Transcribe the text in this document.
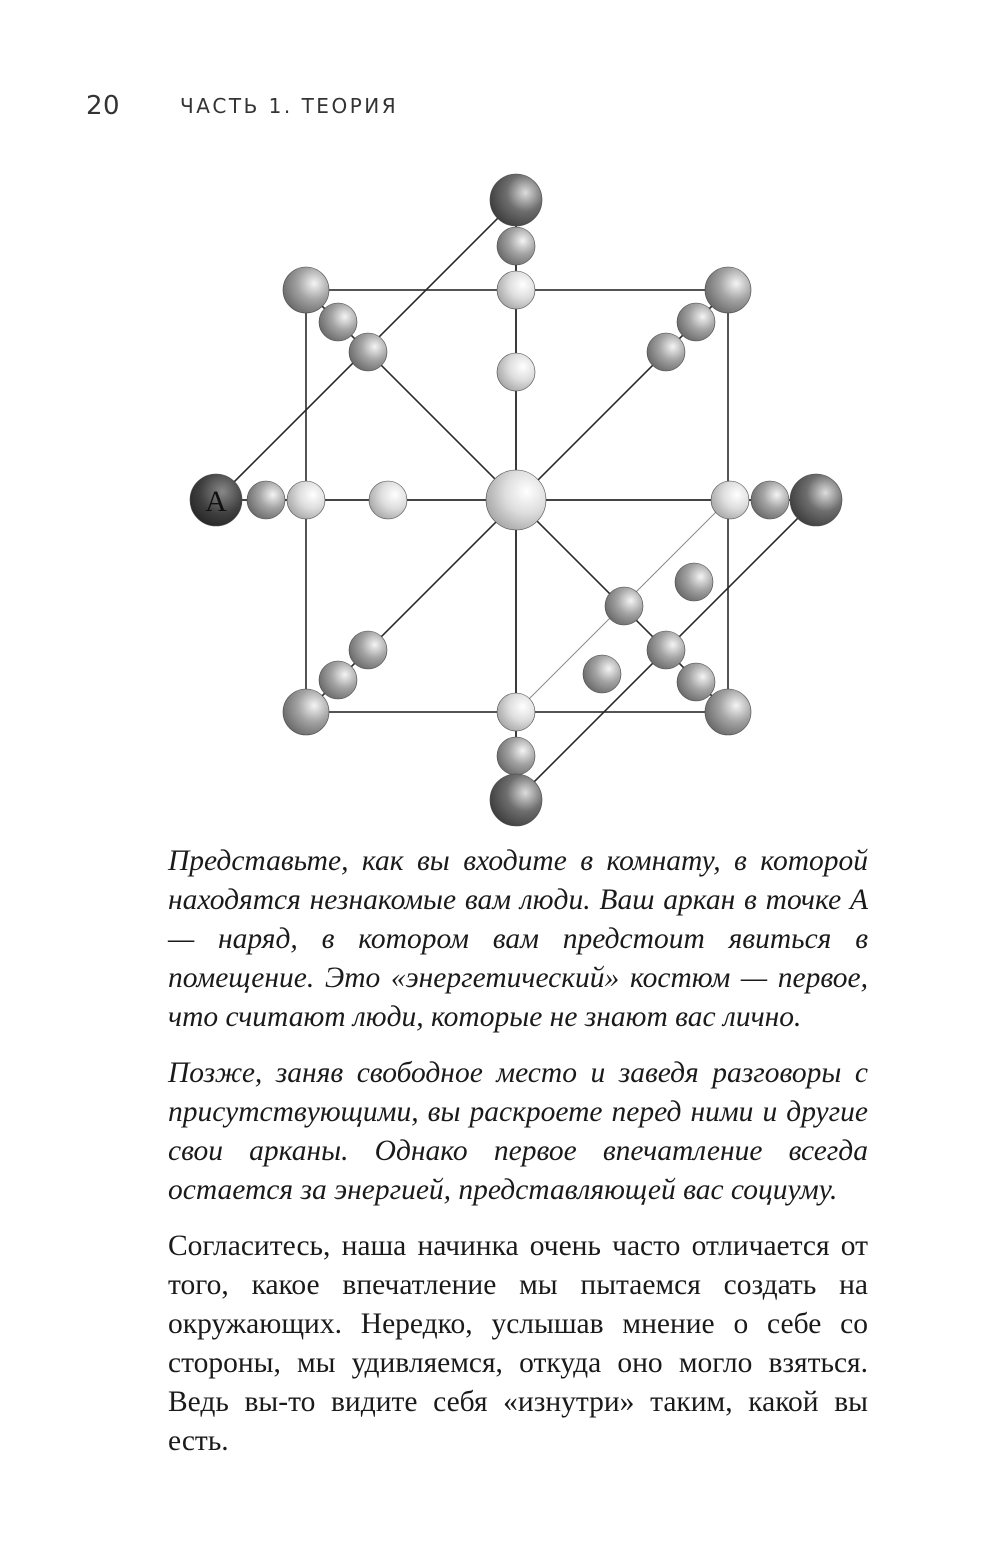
20	ЧАСТЬ 1. ТЕОРИЯ
A

Представьте, как вы входите в комнату, в которой находятся незнакомые вам люди. Ваш аркан в точке А — наряд, в котором вам предстоит явиться в помещение. Это «энергетический» костюм — первое, что считают люди, которые не знают вас лично.

Позже, заняв свободное место и заведя разговоры с присутствующими, вы раскроете перед ними и другие свои арканы. Однако первое впечатление всегда остается за энергией, представляющей вас социуму.

Согласитесь, наша начинка очень часто отличается от того, какое впечатление мы пытаемся создать на окружающих. Нередко, услышав мнение о себе со стороны, мы удивляемся, откуда оно могло взяться. Ведь вы-то видите себя «изнутри» таким, какой вы есть.
